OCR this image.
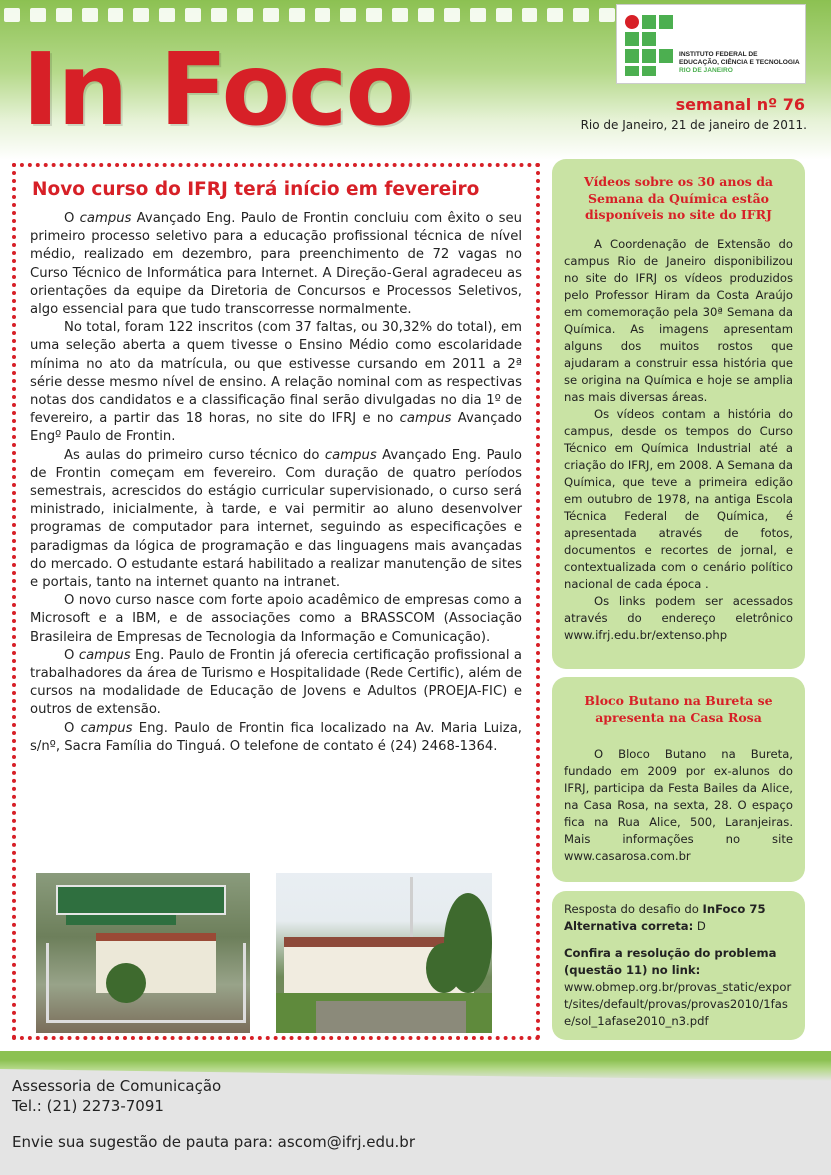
In Foco	INSTITUTO FEDERAL DE
EDUCAÇÃO, CIÊNCIA E TECNOLOGIA
RIO DE JANEIRO
semanal nº 76
Rio de Janeiro, 21 de janeiro de 2011.
Novo curso do IFRJ terá início em fevereiro

O campus Avançado Eng. Paulo de Frontin concluiu com êxito o seu primeiro processo seletivo para a educação profissional técnica de nível médio, realizado em dezembro, para preenchimento de 72 vagas no Curso Técnico de Informática para Internet. A Direção-Geral agradeceu as orientações da equipe da Diretoria de Concursos e Processos Seletivos, algo essencial para que tudo transcorresse normalmente.

No total, foram 122 inscritos (com 37 faltas, ou 30,32% do total), em uma seleção aberta a quem tivesse o Ensino Médio como escolaridade mínima no ato da matrícula, ou que estivesse cursando em 2011 a 2ª série desse mesmo nível de ensino. A relação nominal com as respectivas notas dos candidatos e a classificação final serão divulgadas no dia 1º de fevereiro, a partir das 18 horas, no site do IFRJ e no campus Avançado Engº Paulo de Frontin.

As aulas do primeiro curso técnico do campus Avançado Eng. Paulo de Frontin começam em fevereiro. Com duração de quatro períodos semestrais, acrescidos do estágio curricular supervisionado, o curso será ministrado, inicialmente, à tarde, e vai permitir ao aluno desenvolver programas de computador para internet, seguindo as especificações e paradigmas da lógica de programação e das linguagens mais avançadas do mercado. O estudante estará habilitado a realizar manutenção de sites e portais, tanto na internet quanto na intranet.

O novo curso nasce com forte apoio acadêmico de empresas como a Microsoft e a IBM, e de associações como a BRASSCOM (Associação Brasileira de Empresas de Tecnologia da Informação e Comunicação).

O campus Eng. Paulo de Frontin já oferecia certificação profissional a trabalhadores da área de Turismo e Hospitalidade (Rede Certific), além de cursos na modalidade de Educação de Jovens e Adultos (PROEJA-FIC) e outros de extensão.

O campus Eng. Paulo de Frontin fica localizado na Av. Maria Luiza, s/nº, Sacra Família do Tinguá. O telefone de contato é (24) 2468-1364.

Vídeos sobre os 30 anos da Semana da Química estão disponíveis no site do IFRJ

A Coordenação de Extensão do campus Rio de Janeiro disponibilizou no site do IFRJ os vídeos produzidos pelo Professor Hiram da Costa Araújo em comemoração pela 30ª Semana da Química. As imagens apresentam alguns dos muitos rostos que ajudaram a construir essa história que se origina na Química e hoje se amplia nas mais diversas áreas.

Os vídeos contam a história do campus, desde os tempos do Curso Técnico em Química Industrial até a criação do IFRJ, em 2008. A Semana da Química, que teve a primeira edição em outubro de 1978, na antiga Escola Técnica Federal de Química, é apresentada através de fotos, documentos e recortes de jornal, e contextualizada com o cenário político nacional de cada época .

Os links podem ser acessados através do endereço eletrônico www.ifrj.edu.br/extenso.php

Bloco Butano na Bureta se apresenta na Casa Rosa

O Bloco Butano na Bureta, fundado em 2009 por ex-alunos do IFRJ, participa da Festa Bailes da Alice, na Casa Rosa, na sexta, 28. O espaço fica na Rua Alice, 500, Laranjeiras. Mais informações no site www.casarosa.com.br

Resposta do desafio do InFoco 75

Alternativa correta: D

Confira a resolução do problema (questão 11) no link:

www.obmep.org.br/provas_static/export/sites/default/provas/provas2010/1fase/sol_1afase2010_n3.pdf

Assessoria de Comunicação
Tel.: (21) 2273-7091
Envie sua sugestão de pauta para: ascom@ifrj.edu.br
